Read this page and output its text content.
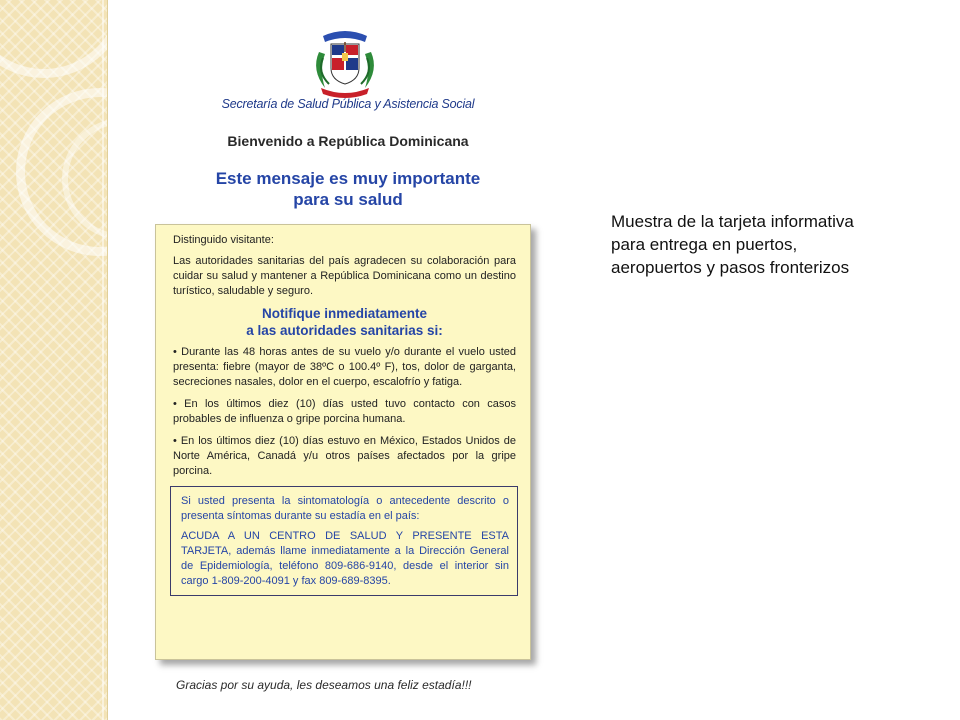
Secretaría de Salud Pública y Asistencia Social
Bienvenido a República Dominicana
Este mensaje es muy importante
para su salud

Distinguido visitante:

Las autoridades sanitarias del país agradecen su colaboración para cuidar su salud y mantener a República Dominicana como un destino turístico, saludable y seguro.

Notifique inmediatamente
a las autoridades sanitarias si:
• Durante las 48 horas antes de su vuelo y/o durante el vuelo usted presenta: fiebre (mayor de 38ºC o 100.4º F), tos, dolor de garganta, secreciones nasales, dolor en el cuerpo, escalofrío y fatiga.
• En los últimos diez (10) días usted tuvo contacto con casos probables de influenza o gripe porcina humana.
• En los últimos diez (10) días estuvo en México, Estados Unidos de Norte América, Canadá y/u otros países afectados por la gripe porcina.

Si usted presenta la sintomatología o antecedente descrito o presenta síntomas durante su estadía en el país:

ACUDA A UN CENTRO DE SALUD Y PRESENTE ESTA TARJETA, además llame inmediatamente a la Dirección General de Epidemiología, teléfono 809-686-9140, desde el interior sin cargo 1-809-200-4091 y fax 809-689-8395.

Gracias por su ayuda, les deseamos una feliz estadía!!!
Muestra de la tarjeta informativa
para entrega en puertos,
aeropuertos y pasos fronterizos
